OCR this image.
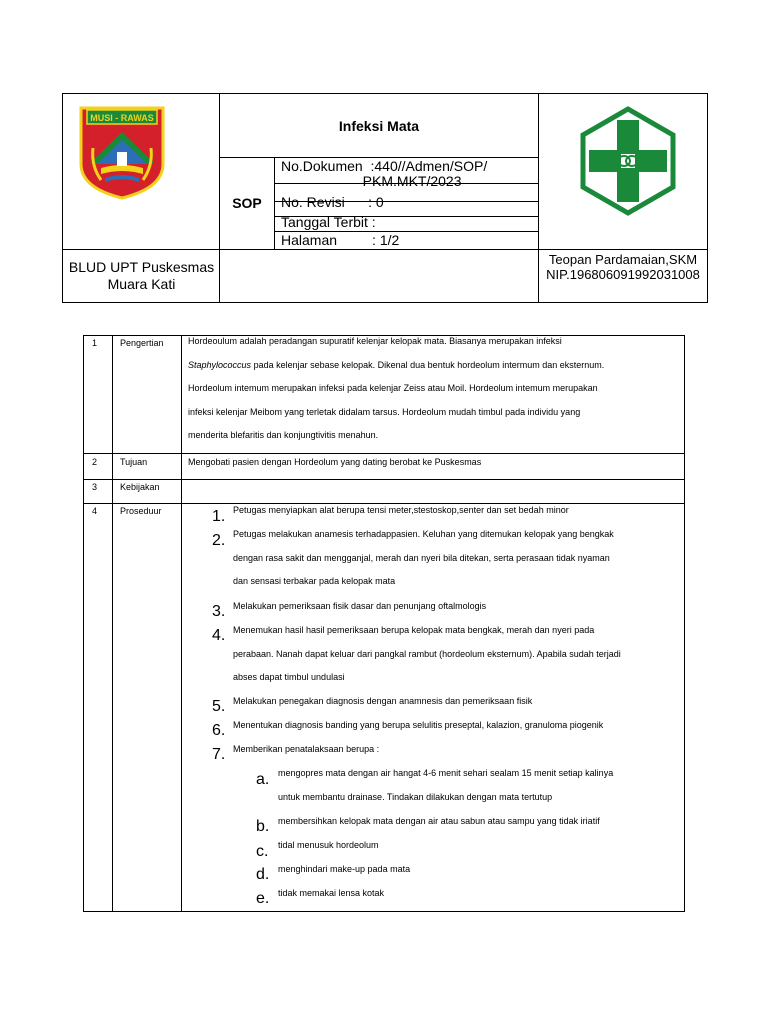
MUSI - RAWAS	Infeksi Mata
SOP
No.Dokumen  :440//Admen/SOP/
PKM.MKT/2023
No. Revisi      : 0
Tanggal Terbit :
Halaman         : 1/2
BLUD UPT Puskesmas Muara Kati
Teopan Pardamaian,SKM
NIP.196806091992031008
1	Pengertian	Hordeoulum adalah peradangan supuratif kelenjar kelopak mata. Biasanya merupakan infeksi
Staphylococcus pada kelenjar sebase kelopak. Dikenal dua bentuk hordeolum intermum dan eksternum.
Hordeolum intemum merupakan infeksi pada kelenjar Zeiss atau Moil. Hordeolum intemum merupakan
infeksi kelenjar Meibom yang terletak didalam tarsus. Hordeolum mudah timbul pada individu yang
menderita blefaritis dan konjungtivitis menahun.
2	Tujuan	Mengobati pasien dengan Hordeolum yang dating berobat ke Puskesmas
3	Kebijakan
4	Proseduur	1. Petugas menyiapkan alat berupa tensi meter,stestoskop,senter dan set bedah minor
2. Petugas melakukan anamesis terhadappasien. Keluhan yang ditemukan kelopak yang bengkak
dengan rasa sakit dan mengganjal, merah dan nyeri bila ditekan, serta perasaan tidak nyaman
dan sensasi terbakar pada kelopak mata
3. Melakukan pemeriksaan fisik dasar dan penunjang oftalmologis
4. Menemukan hasil hasil pemeriksaan berupa kelopak mata bengkak, merah dan nyeri pada
perabaan. Nanah dapat keluar dari pangkal rambut (hordeolum eksternum). Apabila sudah terjadi
abses dapat timbul undulasi
5. Melakukan penegakan diagnosis dengan anamnesis dan pemeriksaan fisik
6. Menentukan diagnosis banding yang berupa selulitis preseptal, kalazion, granuloma piogenik
7. Memberikan penatalaksaan berupa :
a. mengopres mata dengan air hangat 4-6 menit sehari sealam 15 menit setiap kalinya
untuk membantu drainase. Tindakan dilakukan dengan mata tertutup
b. membersihkan kelopak mata dengan air atau sabun atau sampu yang tidak iriatif
c. tidal menusuk hordeolum
d. menghindari make-up pada mata
e. tidak memakai lensa kotak
